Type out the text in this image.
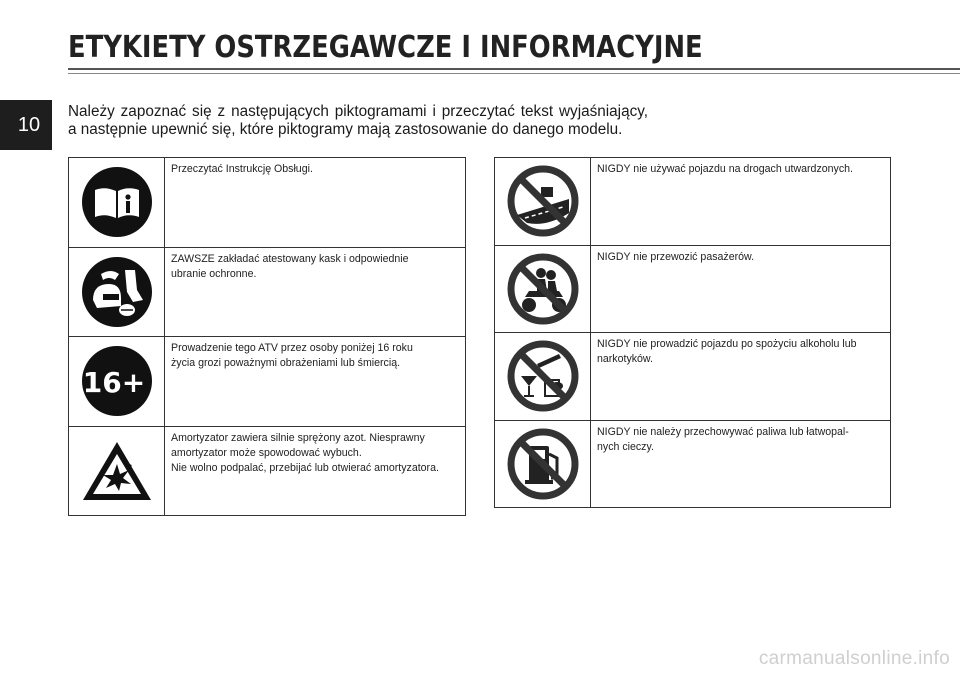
ETYKIETY OSTRZEGAWCZE I INFORMACYJNE
10
Należy zapoznać się z następujących piktogramami i przeczytać tekst wyjaśniający,
a następnie upewnić się, które piktogramy mają zastosowanie do danego modelu.
	Przeczytać Instrukcję Obsługi.

	ZAWSZE zakładać atestowany kask i odpowiednie
ubranie ochronne.

16+	Prowadzenie tego ATV przez osoby poniżej 16 roku
życia grozi poważnymi obrażeniami lub śmiercią.

	Amortyzator zawiera silnie sprężony azot. Niesprawny
amortyzator może spowodować wybuch.
Nie wolno podpalać, przebijać lub otwierać amortyzatora.
	NIGDY nie używać pojazdu na drogach utwardzonych.

	NIGDY nie przewozić pasażerów.

	NIGDY nie prowadzić pojazdu po spożyciu alkoholu lub
narkotyków.

	NIGDY nie należy przechowywać paliwa lub łatwopal-
nych cieczy.
carmanualsonline.info
